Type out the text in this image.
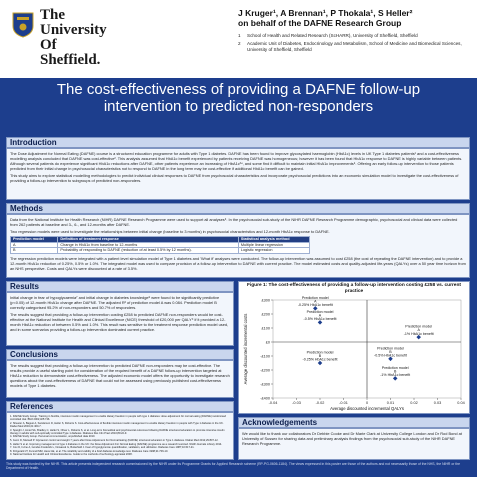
The
University
Of
Sheffield.
J Kruger¹, A Brennan¹, P Thokala¹, S Heller²
on behalf of the DAFNE Research Group
1 School of Health and Related Research (ScHARR), University of Sheffield, Sheffield
2 Academic Unit of Diabetes, Endocrinology and Metabolism, School of Medicine and Biomedical Sciences, University of Sheffield, Sheffield
The cost-effectiveness of providing a DAFNE follow-up intervention to predicted non-responders
Introduction

The Dose Adjustment for Normal Eating (DAFNE) course is a structured education programme for adults with Type 1 diabetes. DAFNE has been found to improve glycosylated haemoglobin (HbA1c) levels in UK Type 1 diabetes patients¹ and a cost-effectiveness modelling analysis concluded that DAFNE was cost-effective². This analysis assumed that HbA1c benefit experienced by patients receiving DAFNE was homogeneous; however it has been found that HbA1c response to DAFNE is highly variable between patients. Although several patients do experience significant HbA1c reductions after DAFNE, other patients experience an increasing of HbA1c³⁴, and some find it difficult to maintain initial HbA1c improvements⁵. Offering an early follow-up intervention to those patients predicted from their initial change in psychosocial characteristics not to respond to DAFNE in the long term may be cost-effective if additional HbA1c benefit can be gained.

This study aims to explore statistical modelling methodologies to predict individual clinical responses to DAFNE from psychosocial characteristics and incorporate psychosocial predictions into an economic simulation model to investigate the cost-effectiveness of providing a follow-up intervention to subgroups of predicted non-responders.

Methods

Data from the National Institute for Health Research (NIHR) DAFNE Research Programme were used to support all analyses⁶. In the psychosocial sub-study of the NIHR DAFNE Research Programme demographic, psychosocial and clinical data were collected from 262 patients at baseline and 3-, 6-, and 12-months after DAFNE.

Two regression models were used to investigate the relationships between initial change (baseline to 3 months) in psychosocial characteristics and 12-month HbA1c response to DAFNE.

Prediction model	Definition of treatment response	Statistical analysis method
A	Change in HbA1c from baseline to 12-months	Multiple linear regression
B	Probability of responding to DAFNE (reduction of at least 0.5% by 12 months).	Logistic regression

The regression prediction models were integrated with a patient level simulation model of Type 1 diabetes and 'What if' analyses were conducted. The follow-up intervention was assumed to cost £258 (the cost of repeating the DAFNE intervention) and to provide a 12-month HbA1c reduction of 0.25%, 0.5% or 1.0%. The integrated model was used to compare provision of a follow-up intervention to DAFNE with current practice. The model estimated costs and quality-adjusted life-years (QALYs) over a 50 year time horizon from an NHS perspective. Costs and QALYs were discounted at a rate of 3.5%.

Results

Initial change in fear of hypoglycaemia⁷ and initial change in diabetes knowledge⁸ were found to be significantly predictive (p<0.05) of 12-month HbA1c change after DAFNE. The adjusted R² of prediction model A was 0.084. Prediction model B correctly categorised 95.2% of non-responders and 50.7% of responders.

The results suggest that providing a follow-up intervention costing £258 to predicted DAFNE non-responders would be cost-effective at the National Institute for Health and Clinical Excellence (NICE) threshold of £20,000 per QALY⁹ if it provided a 12-month HbA1c reduction of between 0.5% and 1.0%. This result was sensitive to the treatment response prediction model used, and in some scenarios providing a follow-up intervention dominated current practice.

Conclusions

The results suggest that providing a follow-up intervention to predicted DAFNE non-responders may be cost-effective. The results provide a useful starting point for consideration of the required benefit of a DAFNE follow-up intervention targeted at HbA1c reduction to demonstrate cost-effectiveness. The adjusted economic model offers the opportunity to investigate research questions about the cost-effectiveness of DAFNE that could not be assessed using previously published cost-effectiveness models of Type 1 diabetes.

References
1. DAFNE Study Group. Training in flexible, intensive insulin management to enable dietary freedom in people with type 1 diabetes: dose adjustment for normal eating (DAFNE) randomised controlled trial. BMJ 2002;325:746.
2. Shearer A, Bagust A, Sanderson D, Heller S, Roberts S. Cost-effectiveness of flexible intensive insulin management to enable dietary freedom in people with Type 1 diabetes in the UK. Diabet Med 2004;21:460-7.
3. Speight J, Amiel SA, Bradley C, Heller S, Oliver L, Roberts S, et al. Long-term biomedical and psychosocial outcomes following DAFNE structured education to promote intensive insulin therapy in adults with sub-optimally controlled Type 1 diabetes. Diabetes Res Clin Pract 2010;89:22-9.
4. DAFNE Study Group. Personal communication, unpublished data 2010.
5. Gunn D, Mansell P. Glycaemic control and weight 7 years after Dose Adjustment For Normal Eating (DAFNE) structured education in Type 1 diabetes. Diabet Med 2012;29:807-12.
6. Heller S et al. Improving management of type 1 diabetes in the UK: the Dose Adjustment For Normal Eating (DAFNE) programme as a research test-bed. NIHR Journals Library 2014.
7. Cox D, Irvine A, Gonder-Frederick L, Nowacek G, Butterfield J. Fear of hypoglycemia: quantification, validation, and utilization. Diabetes Care 1987;10:617-21.
8. Fitzgerald JT, Funnell MM, Hess GE, et al. The reliability and validity of a brief diabetes knowledge test. Diabetes Care 1998;21:706-10.
9. National Institute for Health and Clinical Excellence. Guide to the methods of technology appraisal 2008.
Figure 1: The cost-effectiveness of providing a follow-up intervention costing £258 vs. current practice
£300
£200
£100
£0
-£100
-£200
-£300
-£400
-0.04	-0.03	-0.02	-0.01	0	0.01	0.02	0.03	0.04
Average discounted incremental QALYs
Average discounted incremental costs
Prediction model A -0.25% HbA1c benefit
Prediction model A -0.5% HbA1c benefit
Prediction model A -1% HbA1c benefit
Prediction model B -0.5% HbA1c benefit
Prediction model B -0.25% HbA1c benefit
Prediction model B -1% HbA1c benefit
Acknowledgements

We would like to thank our collaborators Dr Debbie Cooke and Dr Marie Clark at University College London and Dr Rod Bond at University of Sussex for sharing data and preliminary analysis findings from the psychosocial sub-study of the NIHR DAFNE Research Programme.

This study was funded by the NIHR. This article presents independent research commissioned by the NIHR under its Programme Grants for Applied Research scheme (RP-PG-0606-1184). The views expressed in this poster are those of the authors and not necessarily those of the NHS, the NIHR or the Department of Health.
